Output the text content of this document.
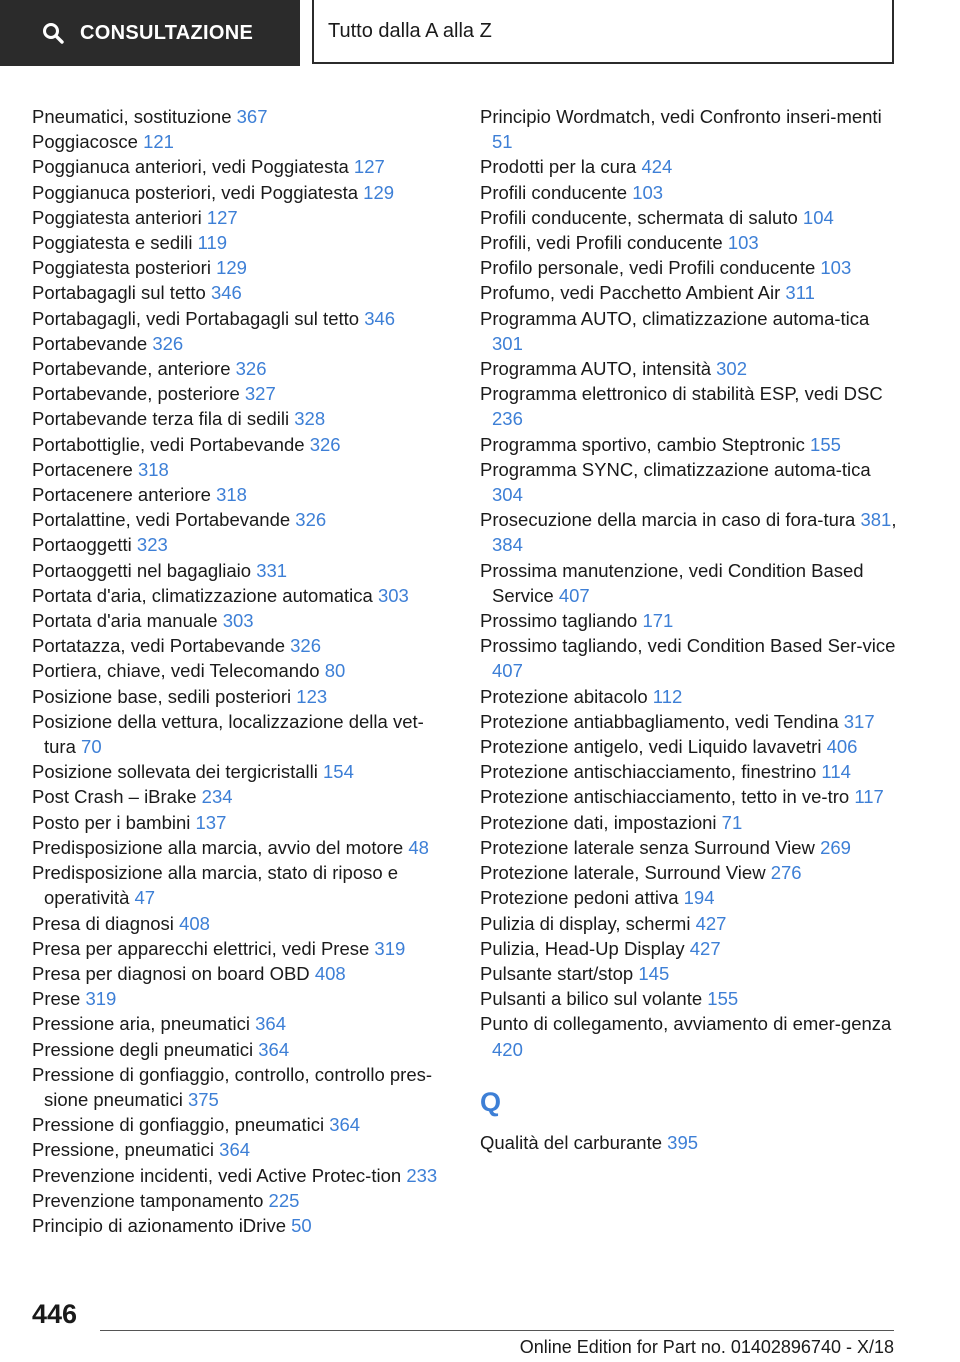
CONSULTAZIONE	Tutto dalla A alla Z
Pneumatici, sostituzione 367
Poggiacosce 121
Poggianuca anteriori, vedi Poggiatesta 127
Poggianuca posteriori, vedi Poggiatesta 129
Poggiatesta anteriori 127
Poggiatesta e sedili 119
Poggiatesta posteriori 129
Portabagagli sul tetto 346
Portabagagli, vedi Portabagagli sul tetto 346
Portabevande 326
Portabevande, anteriore 326
Portabevande, posteriore 327
Portabevande terza fila di sedili 328
Portabottiglie, vedi Portabevande 326
Portacenere 318
Portacenere anteriore 318
Portalattine, vedi Portabevande 326
Portaoggetti 323
Portaoggetti nel bagagliaio 331
Portata d'aria, climatizzazione automatica 303
Portata d'aria manuale 303
Portatazza, vedi Portabevande 326
Portiera, chiave, vedi Telecomando 80
Posizione base, sedili posteriori 123
Posizione della vettura, localizzazione della vet-tura 70
Posizione sollevata dei tergicristalli 154
Post Crash – iBrake 234
Posto per i bambini 137
Predisposizione alla marcia, avvio del motore 48
Predisposizione alla marcia, stato di riposo e operatività 47
Presa di diagnosi 408
Presa per apparecchi elettrici, vedi Prese 319
Presa per diagnosi on board OBD 408
Prese 319
Pressione aria, pneumatici 364
Pressione degli pneumatici 364
Pressione di gonfiaggio, controllo, controllo pres-sione pneumatici 375
Pressione di gonfiaggio, pneumatici 364
Pressione, pneumatici 364
Prevenzione incidenti, vedi Active Protec-tion 233
Prevenzione tamponamento 225
Principio di azionamento iDrive 50
Principio Wordmatch, vedi Confronto inseri-menti 51
Prodotti per la cura 424
Profili conducente 103
Profili conducente, schermata di saluto 104
Profili, vedi Profili conducente 103
Profilo personale, vedi Profili conducente 103
Profumo, vedi Pacchetto Ambient Air 311
Programma AUTO, climatizzazione automa-tica 301
Programma AUTO, intensità 302
Programma elettronico di stabilità ESP, vedi DSC 236
Programma sportivo, cambio Steptronic 155
Programma SYNC, climatizzazione automa-tica 304
Prosecuzione della marcia in caso di fora-tura 381, 384
Prossima manutenzione, vedi Condition Based Service 407
Prossimo tagliando 171
Prossimo tagliando, vedi Condition Based Ser-vice 407
Protezione abitacolo 112
Protezione antiabbagliamento, vedi Tendina 317
Protezione antigelo, vedi Liquido lavavetri 406
Protezione antischiacciamento, finestrino 114
Protezione antischiacciamento, tetto in ve-tro 117
Protezione dati, impostazioni 71
Protezione laterale senza Surround View 269
Protezione laterale, Surround View 276
Protezione pedoni attiva 194
Pulizia di display, schermi 427
Pulizia, Head-Up Display 427
Pulsante start/stop 145
Pulsanti a bilico sul volante 155
Punto di collegamento, avviamento di emer-genza 420
Q
Qualità del carburante 395
446
Online Edition for Part no. 01402896740 - X/18
